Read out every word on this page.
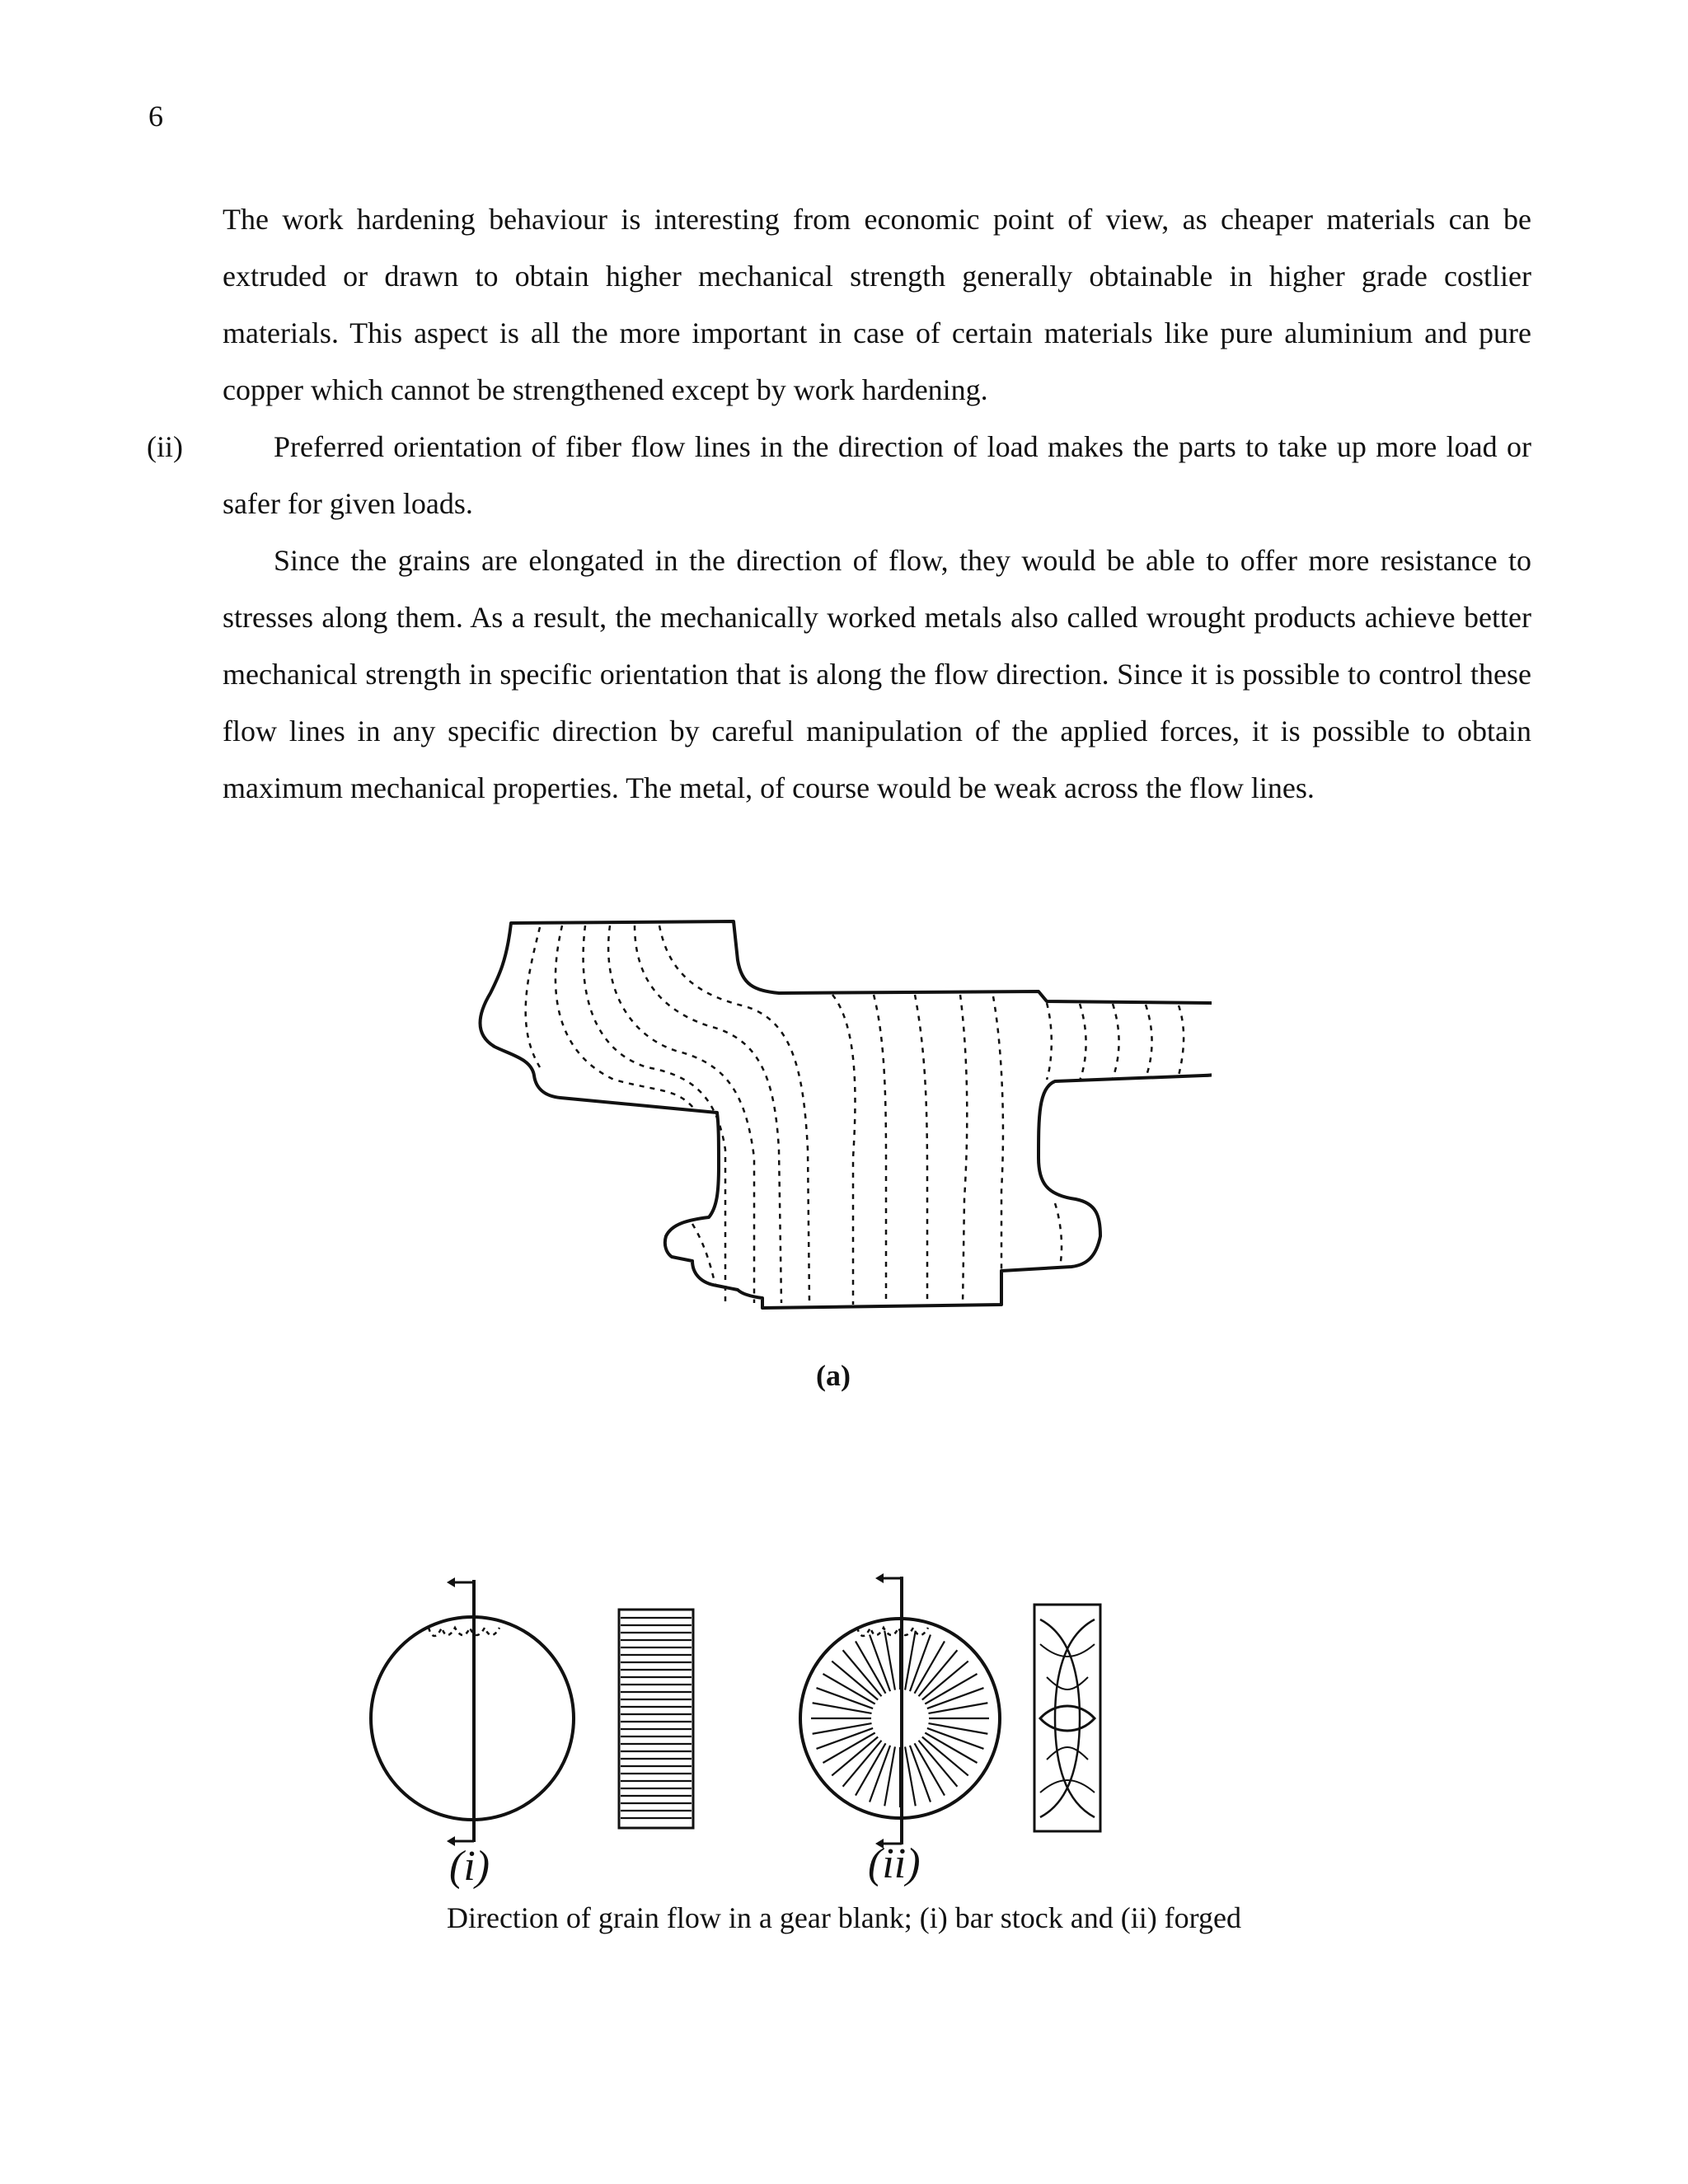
6

The work hardening behaviour is interesting from economic point of view, as cheaper materials can be extruded or drawn to obtain higher mechanical strength generally obtainable in higher grade costlier materials. This aspect is all the more important in case of certain materials like pure aluminium and pure copper which cannot be strengthened except by work hardening.

(ii)	Preferred orientation of fiber flow lines in the direction of load makes the parts to take up more load or safer for given loads.

Since the grains are elongated in the direction of flow, they would be able to offer more resistance to stresses along them. As a result, the mechanically worked metals also called wrought products achieve better mechanical strength in specific orientation that is along the flow direction. Since it is possible to control these flow lines in any specific direction by careful manipulation of the applied forces, it is possible to obtain maximum mechanical properties. The metal, of course would be weak across the flow lines.

(a)
(i)	(ii)
Direction of grain flow in a gear blank; (i) bar stock and (ii) forged
